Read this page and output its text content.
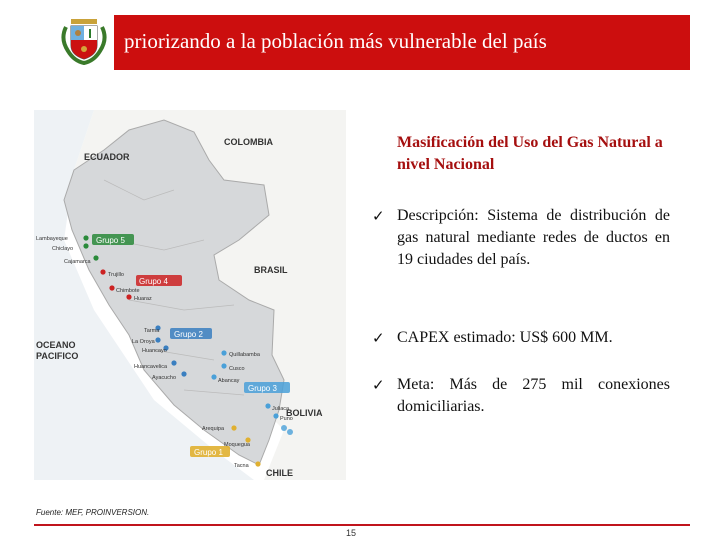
priorizando a la población más vulnerable del país
COLOMBIA
ECUADOR
BRASIL
BOLIVIA
CHILE
OCEANO
PACIFICO
Grupo 5
Lambayeque
Chiclayo
Cajamarca
Grupo 4
Trujillo
Chimbote
Huaraz
Grupo 2
Tarma
La Oroya
Huancayo
Huancavelica
Ayacucho
Grupo 3
Quillabamba
Cusco
Abancay
Juliaca
Puno
Grupo 1
Arequipa
Moquegua
Tacna
Masificación del Uso del Gas Natural a nivel Nacional
✓ Descripción: Sistema de distribución de gas natural mediante redes de ductos en 19 ciudades del país.
✓ CAPEX estimado: US$ 600 MM.
✓ Meta: Más de 275 mil conexiones domiciliarias.
Fuente: MEF, PROINVERSION.
15
